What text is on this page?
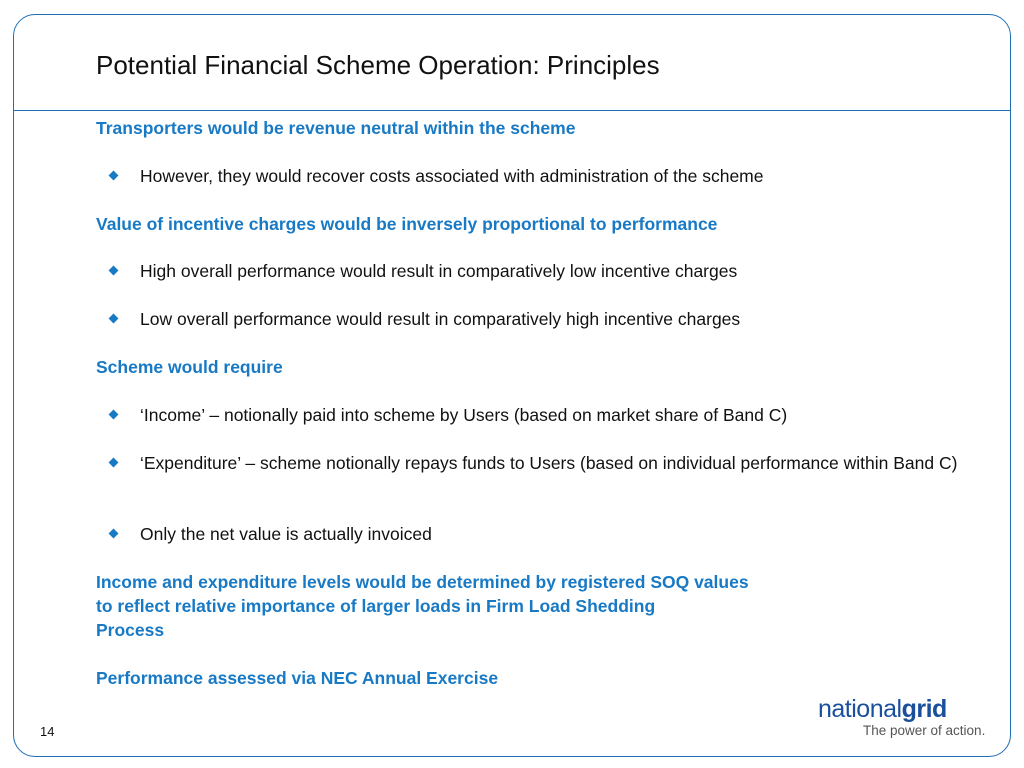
Potential Financial Scheme Operation: Principles
Transporters would be revenue neutral within the scheme
However, they would recover costs associated with administration of the scheme
Value of incentive charges would be inversely proportional to performance
High overall performance would result in comparatively low incentive charges
Low overall performance would result in comparatively high incentive charges
Scheme would require
‘Income’ – notionally paid into scheme by Users (based on market share of Band C)
‘Expenditure’ – scheme notionally repays funds to Users (based on individual performance within Band C)
Only the net value is actually invoiced
Income and expenditure levels would be determined by registered SOQ values
to reflect relative importance of larger loads in Firm Load Shedding
Process
Performance assessed via NEC Annual Exercise
14
nationalgrid
The power of action.
